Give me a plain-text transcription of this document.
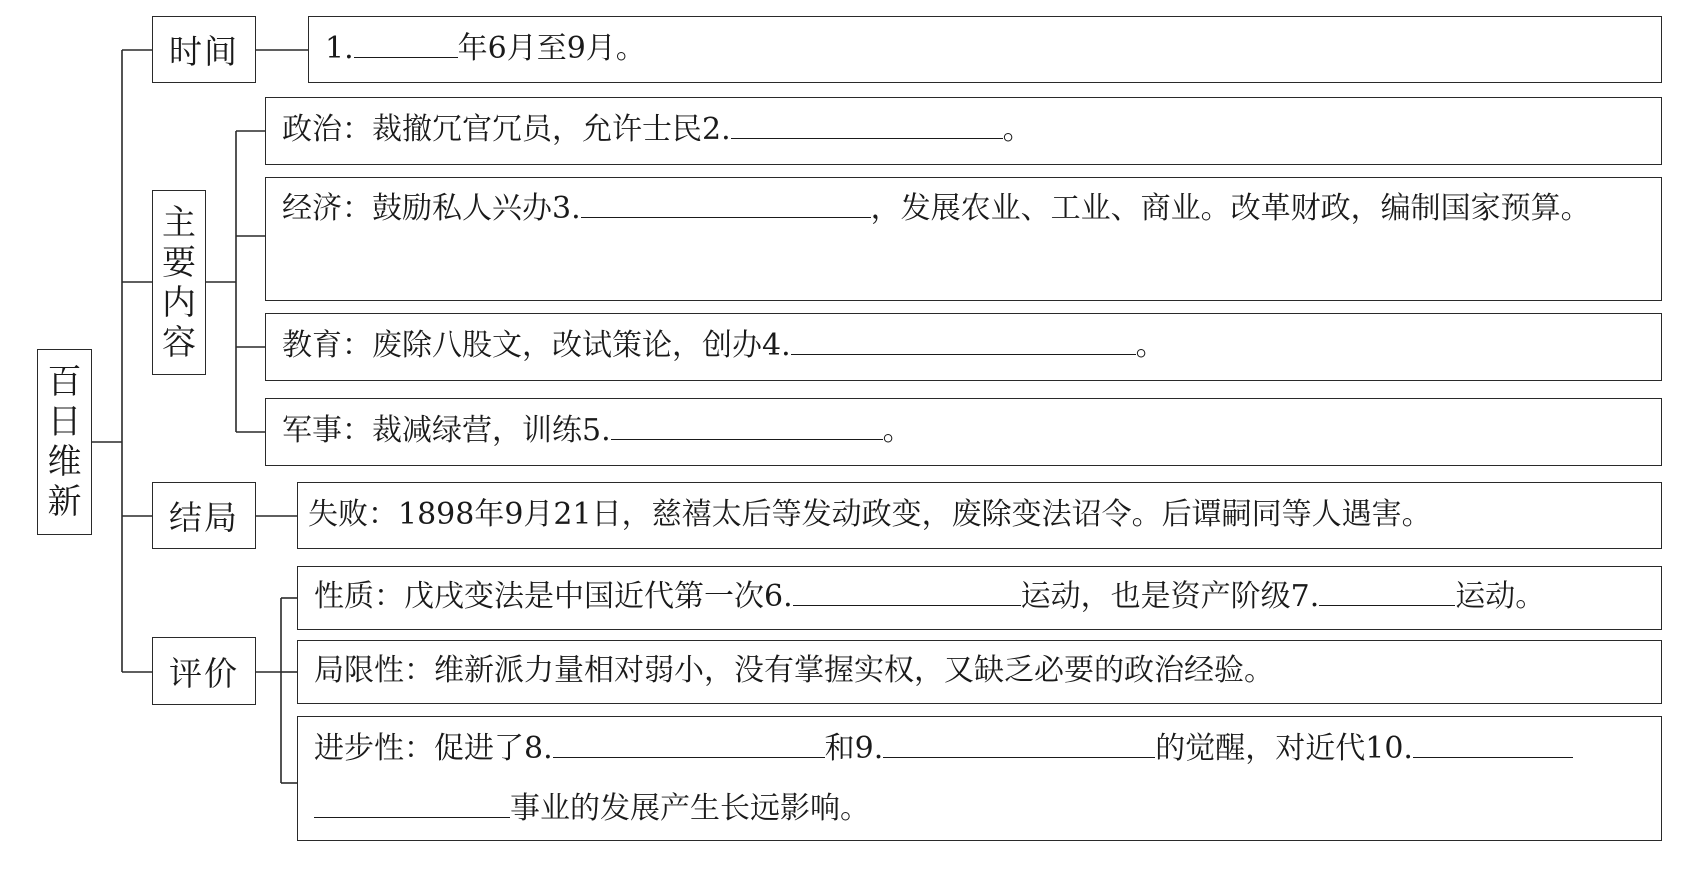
百日维新
时间
主要内容
结局
评价
1.	年6月至9月。
政治：裁撤冗官冗员，允许士民2.	。
经济：鼓励私人兴办3.	，发展农业、工业、商业。改革财政，编制国家预算。
教育：废除八股文，改试策论，创办4.	。
军事：裁减绿营，训练5.	。
失败：1898年9月21日，慈禧太后等发动政变，废除变法诏令。后谭嗣同等人遇害。
性质：戊戌变法是中国近代第一次6.	运动，也是资产阶级7.	运动。
局限性：维新派力量相对弱小，没有掌握实权，又缺乏必要的政治经验。
进步性：促进了8.	和9.	的觉醒，对近代10.
事业的发展产生长远影响。
